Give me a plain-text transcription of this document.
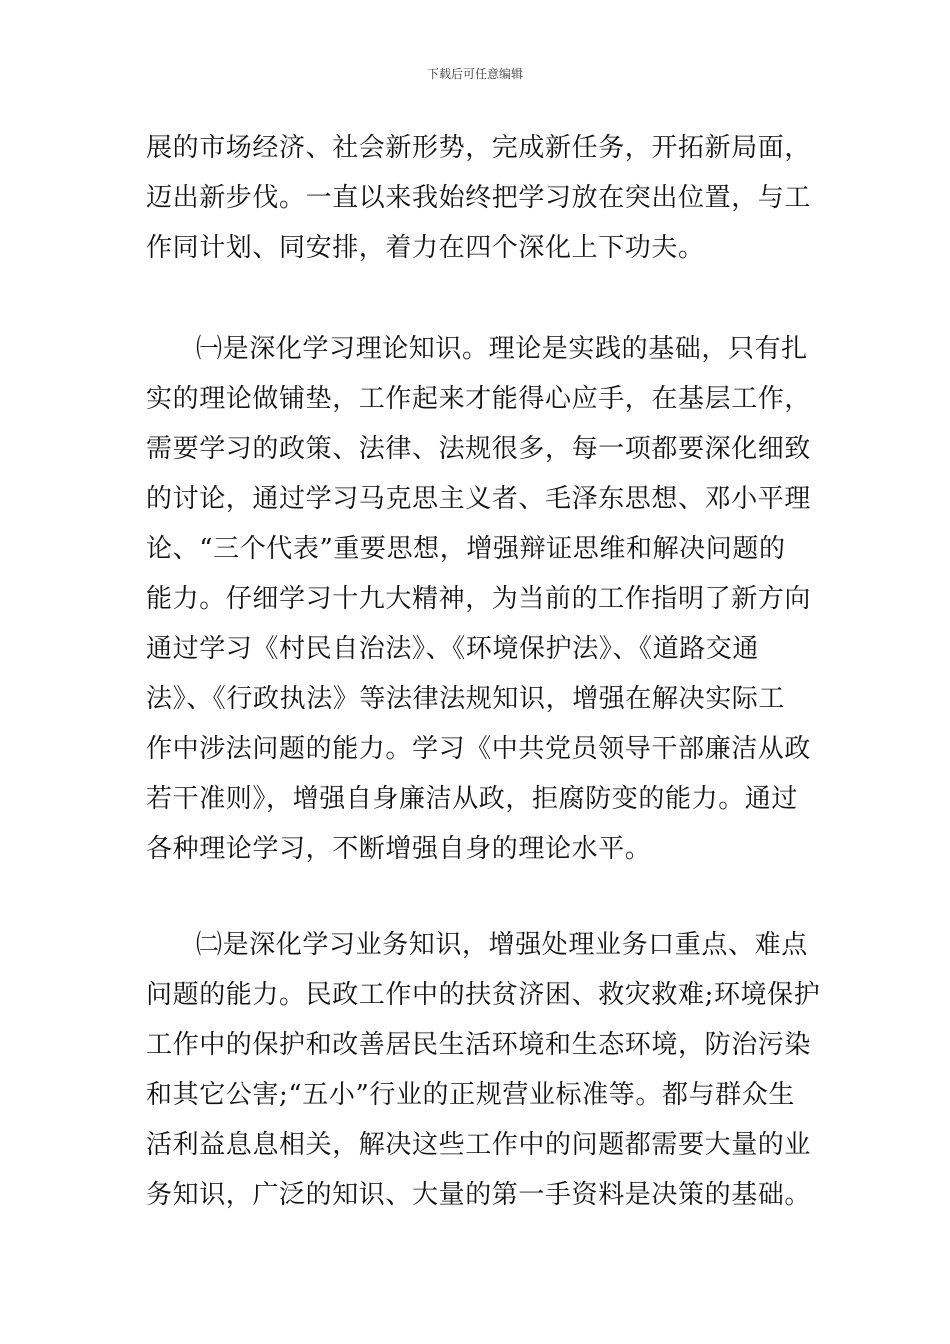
下载后可任意编辑
展的市场经济、社会新形势，完成新任务，开拓新局面，
迈出新步伐。一直以来我始终把学习放在突出位置，与工
作同计划、同安排，着力在四个深化上下功夫。
㈠是深化学习理论知识。理论是实践的基础，只有扎
实的理论做铺垫，工作起来才能得心应手，在基层工作，
需要学习的政策、法律、法规很多，每一项都要深化细致
的讨论，通过学习马克思主义者、毛泽东思想、邓小平理
论、“三个代表”重要思想，增强辩证思维和解决问题的
能力。仔细学习十九大精神，为当前的工作指明了新方向
通过学习《村民自治法》、《环境保护法》、《道路交通
法》、《行政执法》等法律法规知识，增强在解决实际工
作中涉法问题的能力。学习《中共党员领导干部廉洁从政
若干准则》，增强自身廉洁从政，拒腐防变的能力。通过
各种理论学习，不断增强自身的理论水平。
㈡是深化学习业务知识，增强处理业务口重点、难点
问题的能力。民政工作中的扶贫济困、救灾救难;环境保护
工作中的保护和改善居民生活环境和生态环境，防治污染
和其它公害;“五小”行业的正规营业标准等。都与群众生
活利益息息相关，解决这些工作中的问题都需要大量的业
务知识，广泛的知识、大量的第一手资料是决策的基础。
